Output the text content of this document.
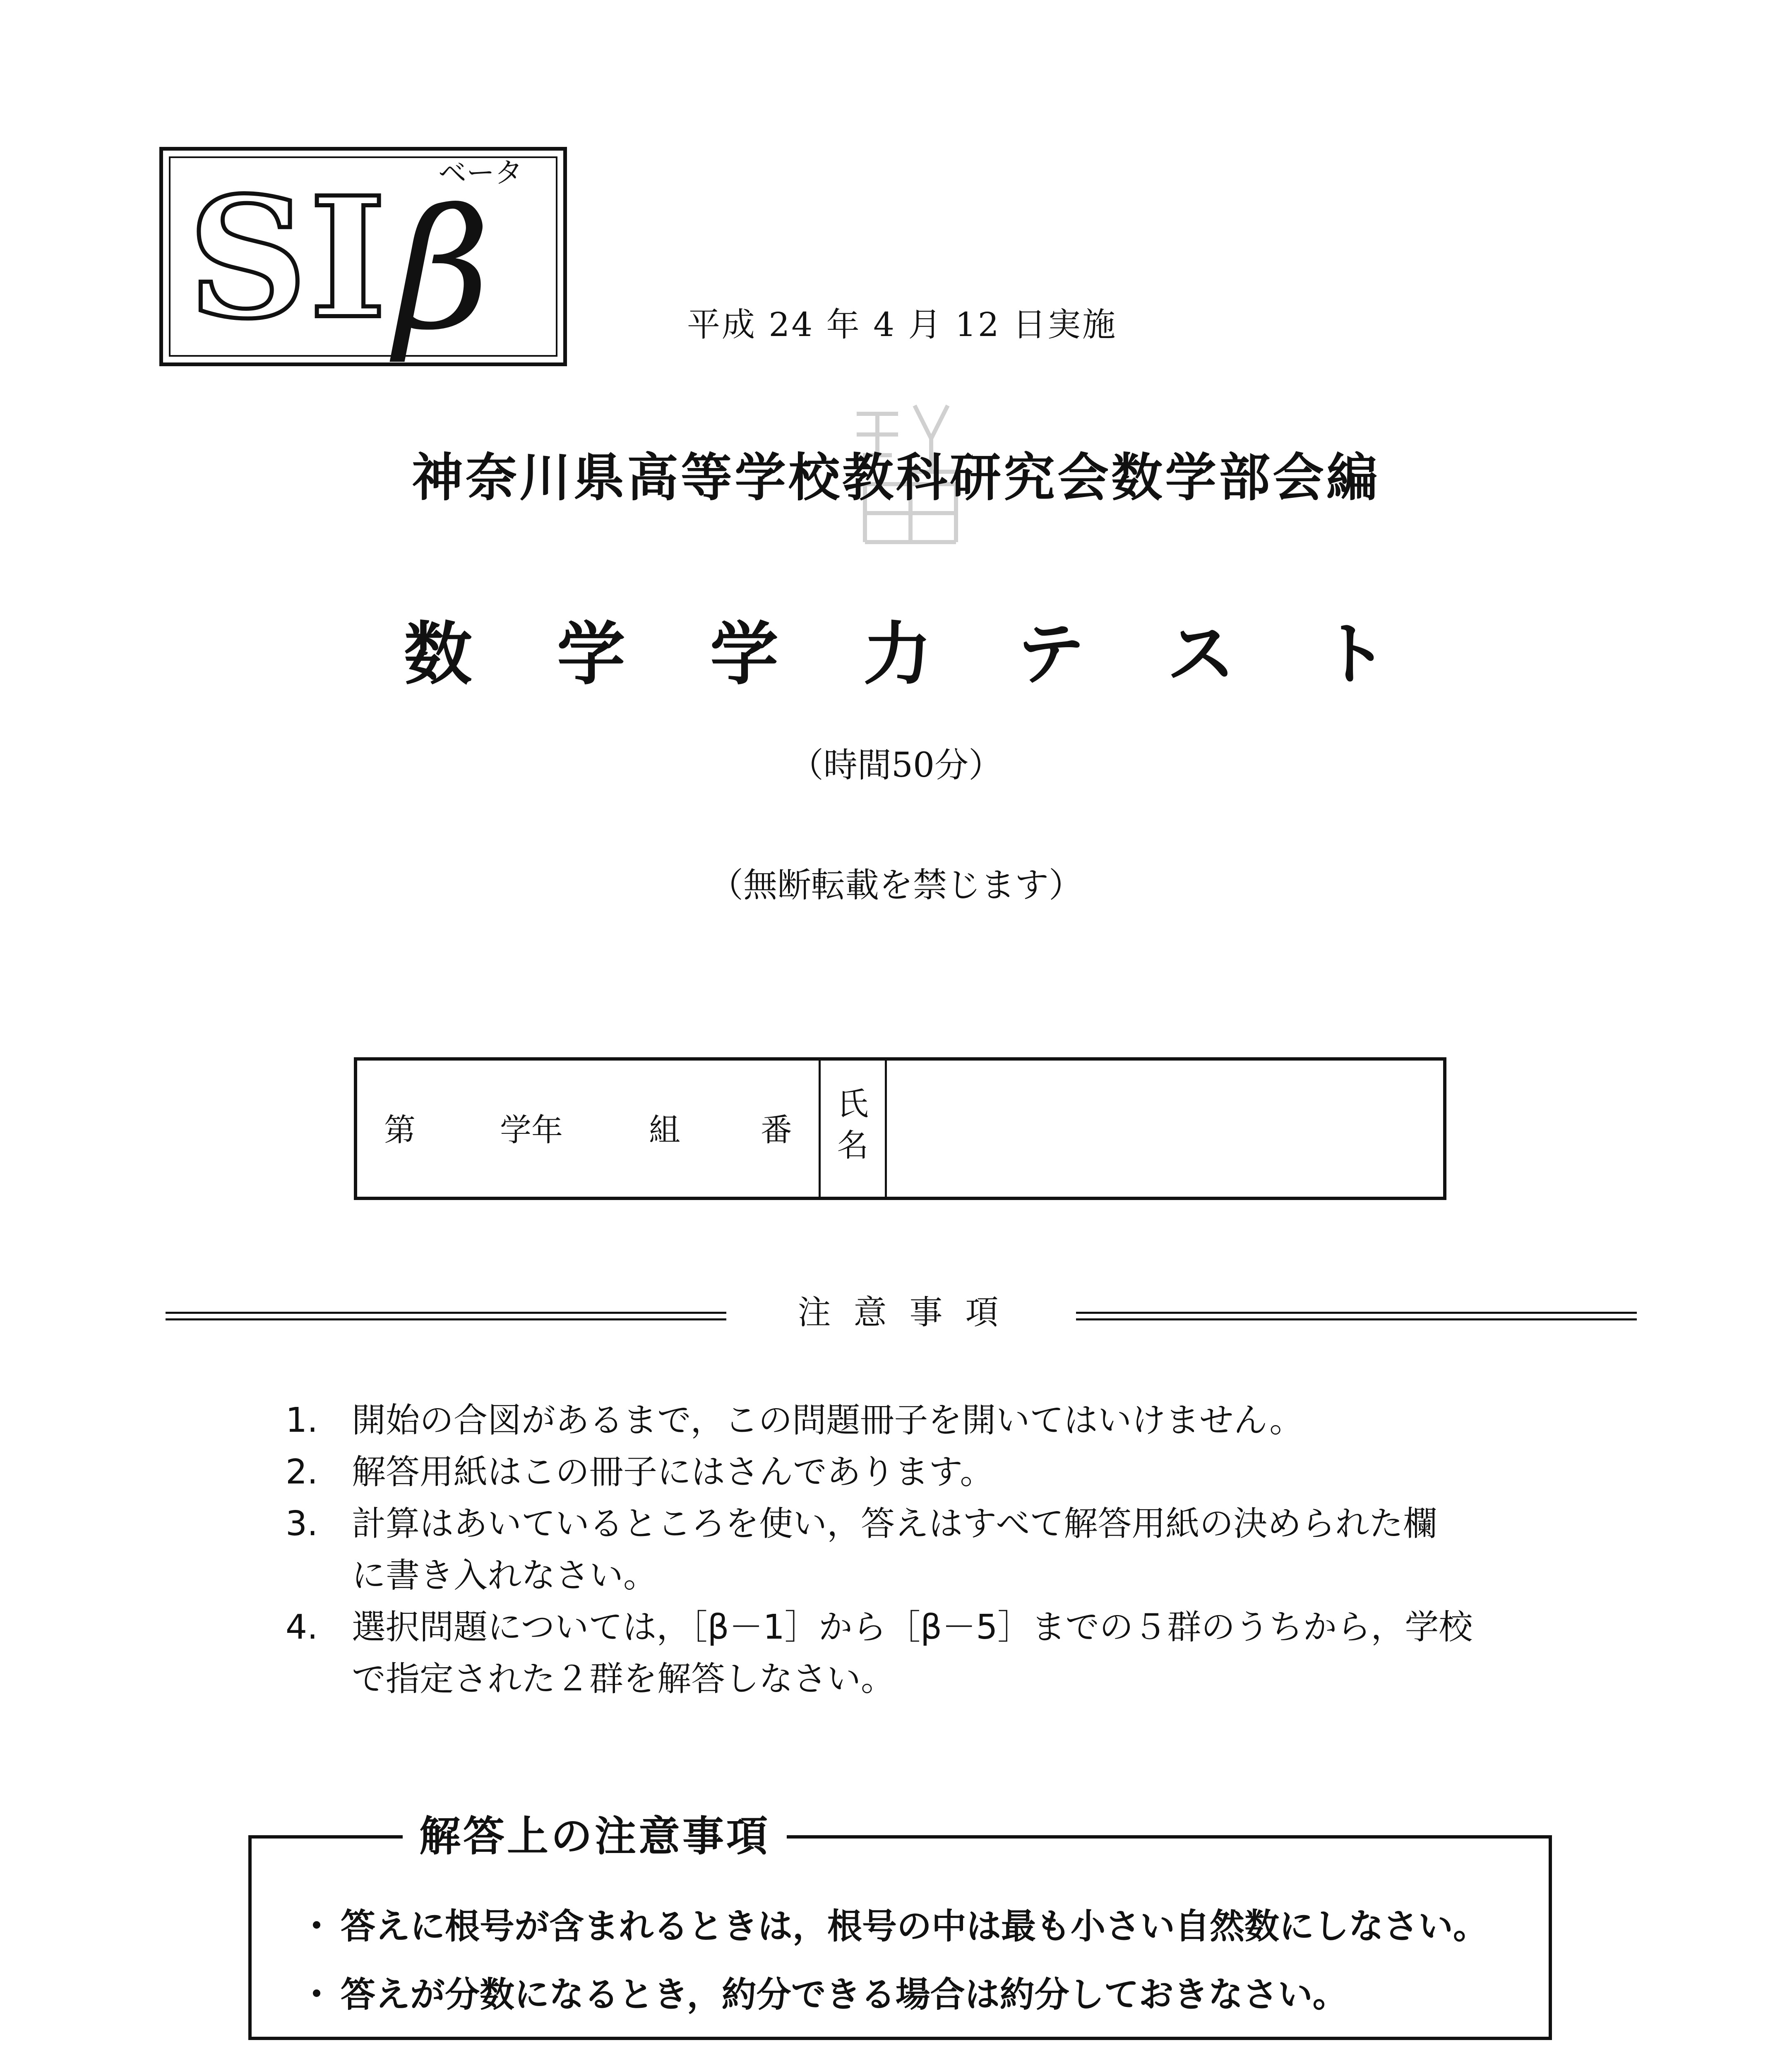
SI β
ベータ
平成 24 年 4 月 12 日実施
神奈川県高等学校教科研究会数学部会編
数学学力テスト
（時間50分）
（無断転載を禁じます）
第	学年	組	番
氏
名
注意事項
1. 開始の合図があるまで，この問題冊子を開いてはいけません。
2. 解答用紙はこの冊子にはさんであります。
3. 計算はあいているところを使い，答えはすべて解答用紙の決められた欄
に書き入れなさい。
4. 選択問題については，［β－1］から［β－5］までの５群のうちから，学校
で指定された２群を解答しなさい。
解答上の注意事項
・ 答えに根号が含まれるときは，根号の中は最も小さい自然数にしなさい。
・ 答えが分数になるとき，約分できる場合は約分しておきなさい。
